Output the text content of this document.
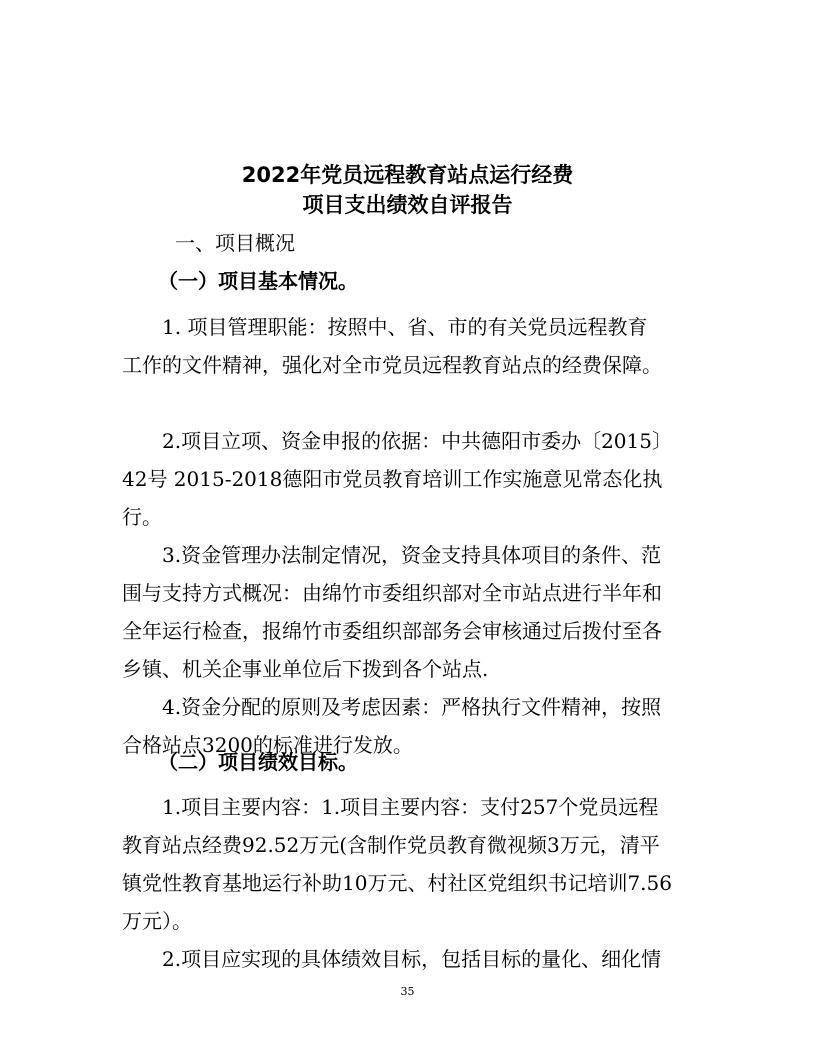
2022年党员远程教育站点运行经费
项目支出绩效自评报告
一、项目概况
（一）项目基本情况。
1. 项目管理职能：按照中、省、市的有关党员远程教育
工作的文件精神，强化对全市党员远程教育站点的经费保障。
2.项目立项、资金申报的依据：中共德阳市委办〔2015〕
42号 2015-2018德阳市党员教育培训工作实施意见常态化执
行。
3.资金管理办法制定情况，资金支持具体项目的条件、范
围与支持方式概况：由绵竹市委组织部对全市站点进行半年和
全年运行检查，报绵竹市委组织部部务会审核通过后拨付至各
乡镇、机关企事业单位后下拨到各个站点.
4.资金分配的原则及考虑因素：严格执行文件精神，按照
合格站点3200的标准进行发放。
（二）项目绩效目标。
1.项目主要内容：1.项目主要内容：支付257个党员远程
教育站点经费92.52万元(含制作党员教育微视频3万元，清平
镇党性教育基地运行补助10万元、村社区党组织书记培训7.56
万元）。
2.项目应实现的具体绩效目标，包括目标的量化、细化情
35
